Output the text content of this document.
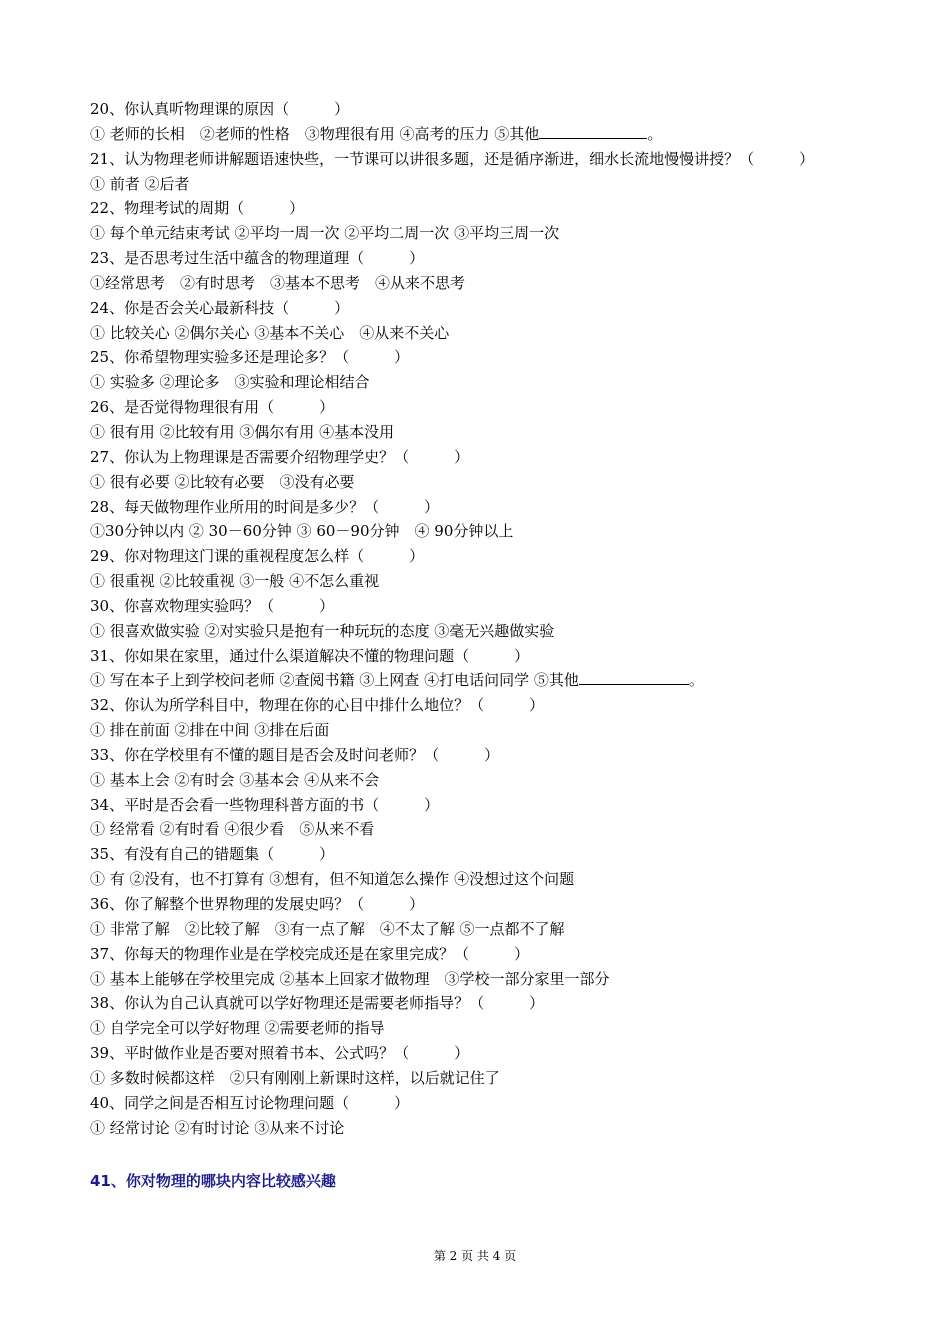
20、你认真听物理课的原因（　　　）
① 老师的长相　②老师的性格　③物理很有用 ④高考的压力 ⑤其他	。
21、认为物理老师讲解题语速快些，一节课可以讲很多题，还是循序渐进，细水长流地慢慢讲授？（　　　）
① 前者 ②后者
22、物理考试的周期（　　　）
① 每个单元结束考试 ②平均一周一次 ②平均二周一次 ③平均三周一次
23、是否思考过生活中蕴含的物理道理（　　　）
①经常思考　②有时思考　③基本不思考　④从来不思考
24、你是否会关心最新科技（　　　）
① 比较关心 ②偶尔关心 ③基本不关心　④从来不关心
25、你希望物理实验多还是理论多？（　　　）
① 实验多 ②理论多　③实验和理论相结合
26、是否觉得物理很有用（　　　）
① 很有用 ②比较有用 ③偶尔有用 ④基本没用
27、你认为上物理课是否需要介绍物理学史？（　　　）
① 很有必要 ②比较有必要　③没有必要
28、每天做物理作业所用的时间是多少？（　　　）
①30分钟以内 ② 30－60分钟 ③ 60－90分钟　④ 90分钟以上
29、你对物理这门课的重视程度怎么样（　　　）
① 很重视 ②比较重视 ③一般 ④不怎么重视
30、你喜欢物理实验吗？（　　　）
① 很喜欢做实验 ②对实验只是抱有一种玩玩的态度 ③毫无兴趣做实验
31、你如果在家里，通过什么渠道解决不懂的物理问题（　　　）
① 写在本子上到学校问老师 ②查阅书籍 ③上网查 ④打电话问同学 ⑤其他	。
32、你认为所学科目中，物理在你的心目中排什么地位？（　　　）
① 排在前面 ②排在中间 ③排在后面
33、你在学校里有不懂的题目是否会及时问老师？（　　　）
① 基本上会 ②有时会 ③基本会 ④从来不会
34、平时是否会看一些物理科普方面的书（　　　）
① 经常看 ②有时看 ④很少看　⑤从来不看
35、有没有自己的错题集（　　　）
① 有 ②没有，也不打算有 ③想有，但不知道怎么操作 ④没想过这个问题
36、你了解整个世界物理的发展史吗？（　　　）
① 非常了解　②比较了解　③有一点了解　④不太了解 ⑤一点都不了解
37、你每天的物理作业是在学校完成还是在家里完成？（　　　）
① 基本上能够在学校里完成 ②基本上回家才做物理　③学校一部分家里一部分
38、你认为自己认真就可以学好物理还是需要老师指导？（　　　）
① 自学完全可以学好物理 ②需要老师的指导
39、平时做作业是否要对照着书本、公式吗？（　　　）
① 多数时候都这样　②只有刚刚上新课时这样，以后就记住了
40、同学之间是否相互讨论物理问题（　　　）
① 经常讨论 ②有时讨论 ③从来不讨论
41、你对物理的哪块内容比较感兴趣
第 2 页 共 4 页
